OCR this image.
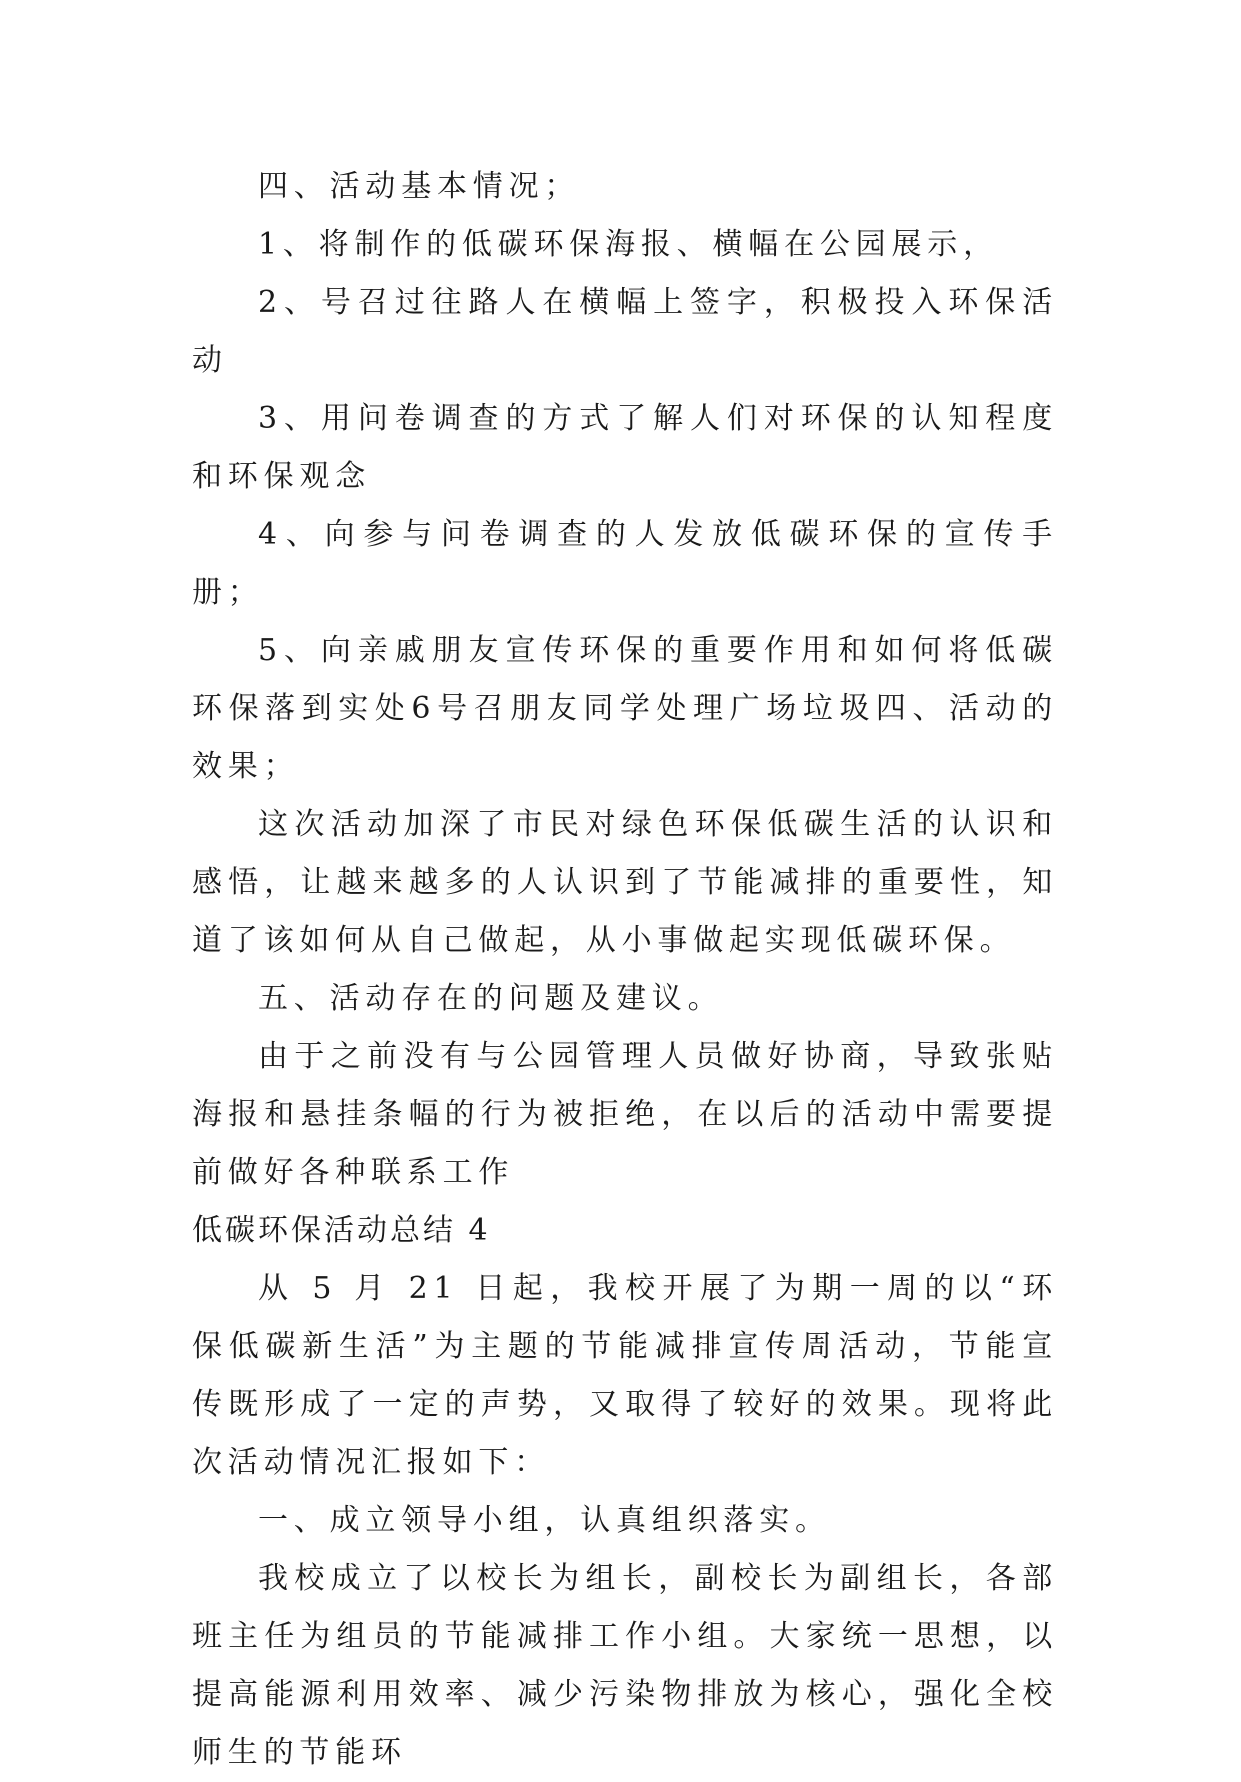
四、活动基本情况；

1、将制作的低碳环保海报、横幅在公园展示，

2、号召过往路人在横幅上签字，积极投入环保活动

3、用问卷调查的方式了解人们对环保的认知程度和环保观念

4、向参与问卷调查的人发放低碳环保的宣传手册；

5、向亲戚朋友宣传环保的重要作用和如何将低碳环保落到实处6号召朋友同学处理广场垃圾四、活动的效果；

这次活动加深了市民对绿色环保低碳生活的认识和感悟，让越来越多的人认识到了节能减排的重要性，知道了该如何从自己做起，从小事做起实现低碳环保。

五、活动存在的问题及建议。

由于之前没有与公园管理人员做好协商，导致张贴海报和悬挂条幅的行为被拒绝，在以后的活动中需要提前做好各种联系工作

低碳环保活动总结 4

从 5 月 21 日起，我校开展了为期一周的以“环保低碳新生活”为主题的节能减排宣传周活动，节能宣传既形成了一定的声势，又取得了较好的效果。现将此次活动情况汇报如下：

一、成立领导小组，认真组织落实。

我校成立了以校长为组长，副校长为副组长，各部班主任为组员的节能减排工作小组。大家统一思想，以提高能源利用效率、减少污染物排放为核心，强化全校师生的节能环
